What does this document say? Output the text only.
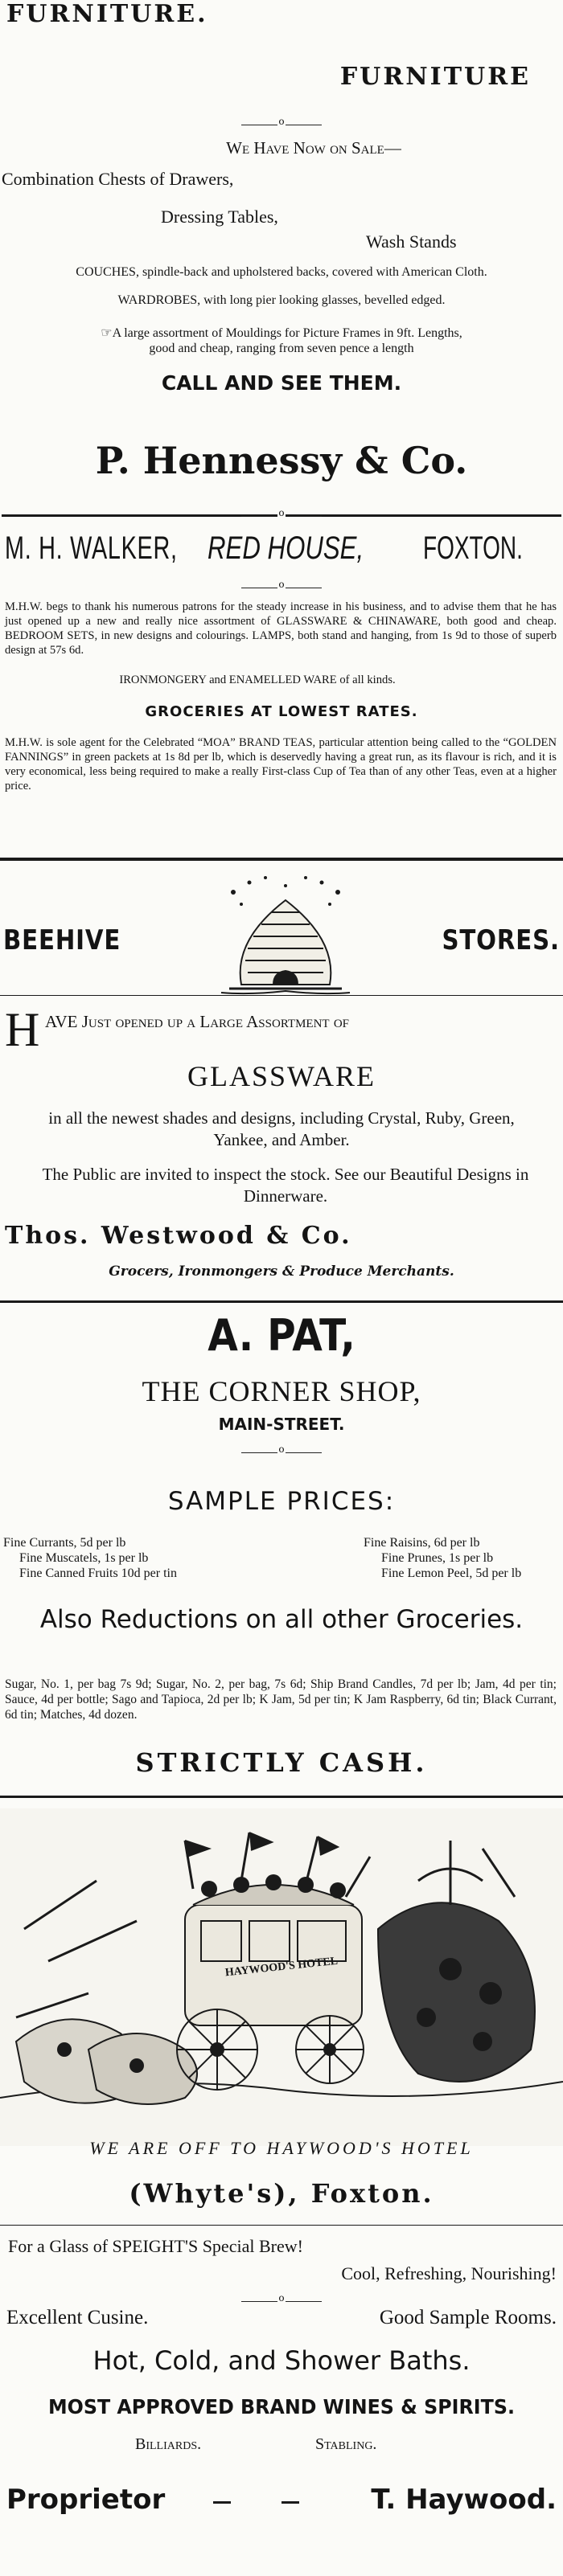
FURNITURE.
FURNITURE
o
We Have Now on Sale—
Combination Chests of Drawers,
Dressing Tables,
Wash Stands
COUCHES, spindle-back and upholstered backs, covered with American Cloth.
WARDROBES, with long pier looking glasses, bevelled edged.
☞A large assortment of Mouldings for Picture Frames in 9ft. Lengths,
good and cheap, ranging from seven pence a length
CALL AND SEE THEM.
P. Hennessy & Co.
o
M. H. WALKER, RED HOUSE, FOXTON.
o
M.H.W. begs to thank his numerous patrons for the steady increase in his business, and to advise them that he has just opened up a new and really nice assortment of GLASSWARE & CHINAWARE, both good and cheap. BEDROOM SETS, in new designs and colourings. LAMPS, both stand and hanging, from 1s 9d to those of superb design at 57s 6d.
IRONMONGERY and ENAMELLED WARE of all kinds.
GROCERIES AT LOWEST RATES.
M.H.W. is sole agent for the Celebrated “MOA” BRAND TEAS, particular attention being called to the “GOLDEN FANNINGS” in green packets at 1s 8d per lb, which is deservedly having a great run, as its flavour is rich, and it is very economical, less being required to make a really First-class Cup of Tea than of any other Teas, even at a higher price.
BEEHIVE	STORES.
H AVE Just opened up a Large Assortment of
GLASSWARE
in all the newest shades and designs, including Crystal, Ruby, Green, Yankee, and Amber.
The Public are invited to inspect the stock. See our Beautiful Designs in Dinnerware.
Thos. Westwood & Co.
Grocers, Ironmongers & Produce Merchants.
A. PAT,
THE CORNER SHOP,
MAIN-STREET.
o
SAMPLE PRICES:
Fine Currants, 5d per lb
Fine Muscatels, 1s per lb
Fine Canned Fruits 10d per tin
Fine Raisins, 6d per lb
Fine Prunes, 1s per lb
Fine Lemon Peel, 5d per lb
Also Reductions on all other Groceries.
Sugar, No. 1, per bag 7s 9d; Sugar, No. 2, per bag, 7s 6d; Ship Brand Candles, 7d per lb; Jam, 4d per tin; Sauce, 4d per bottle; Sago and Tapioca, 2d per lb; K Jam, 5d per tin; K Jam Raspberry, 6d tin; Black Currant, 6d tin; Matches, 4d dozen.
STRICTLY CASH.
HAYWOOD'S HOTEL
WE ARE OFF TO HAYWOOD'S HOTEL
(Whyte's), Foxton.
For a Glass of SPEIGHT'S Special Brew!
Cool, Refreshing, Nourishing!
o
Excellent Cusine.	Good Sample Rooms.
Hot, Cold, and Shower Baths.
MOST APPROVED BRAND WINES & SPIRITS.
Billiards.	Stabling.
Proprietor	T. Haywood.
